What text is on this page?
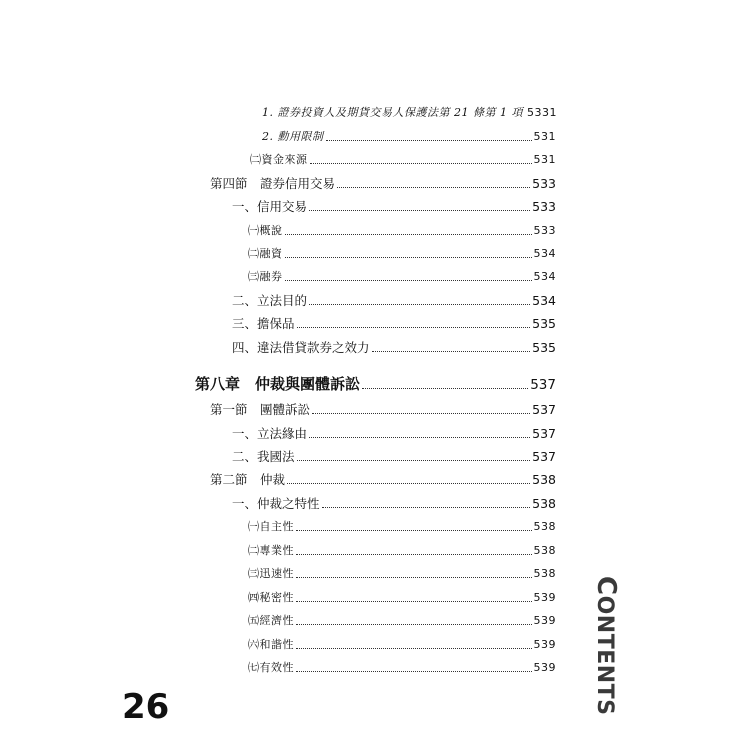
1. 證券投資人及期貨交易人保護法第 21 條第 1 項 5331
2. 勳用限制	531
㈡資金來源	531
第四節　證券信用交易	533
一、信用交易	533
㈠概說	533
㈡融資	534
㈢融券	534
二、立法目的	534
三、擔保品	535
四、違法借貸款券之效力	535
第八章　仲裁與團體訴訟	537
第一節　團體訴訟	537
一、立法緣由	537
二、我國法	537
第二節　仲裁	538
一、仲裁之特性	538
㈠自主性	538
㈡專業性	538
㈢迅速性	538
㈣秘密性	539
㈤經濟性	539
㈥和諧性	539
㈦有效性	539
26
CONTENTS
